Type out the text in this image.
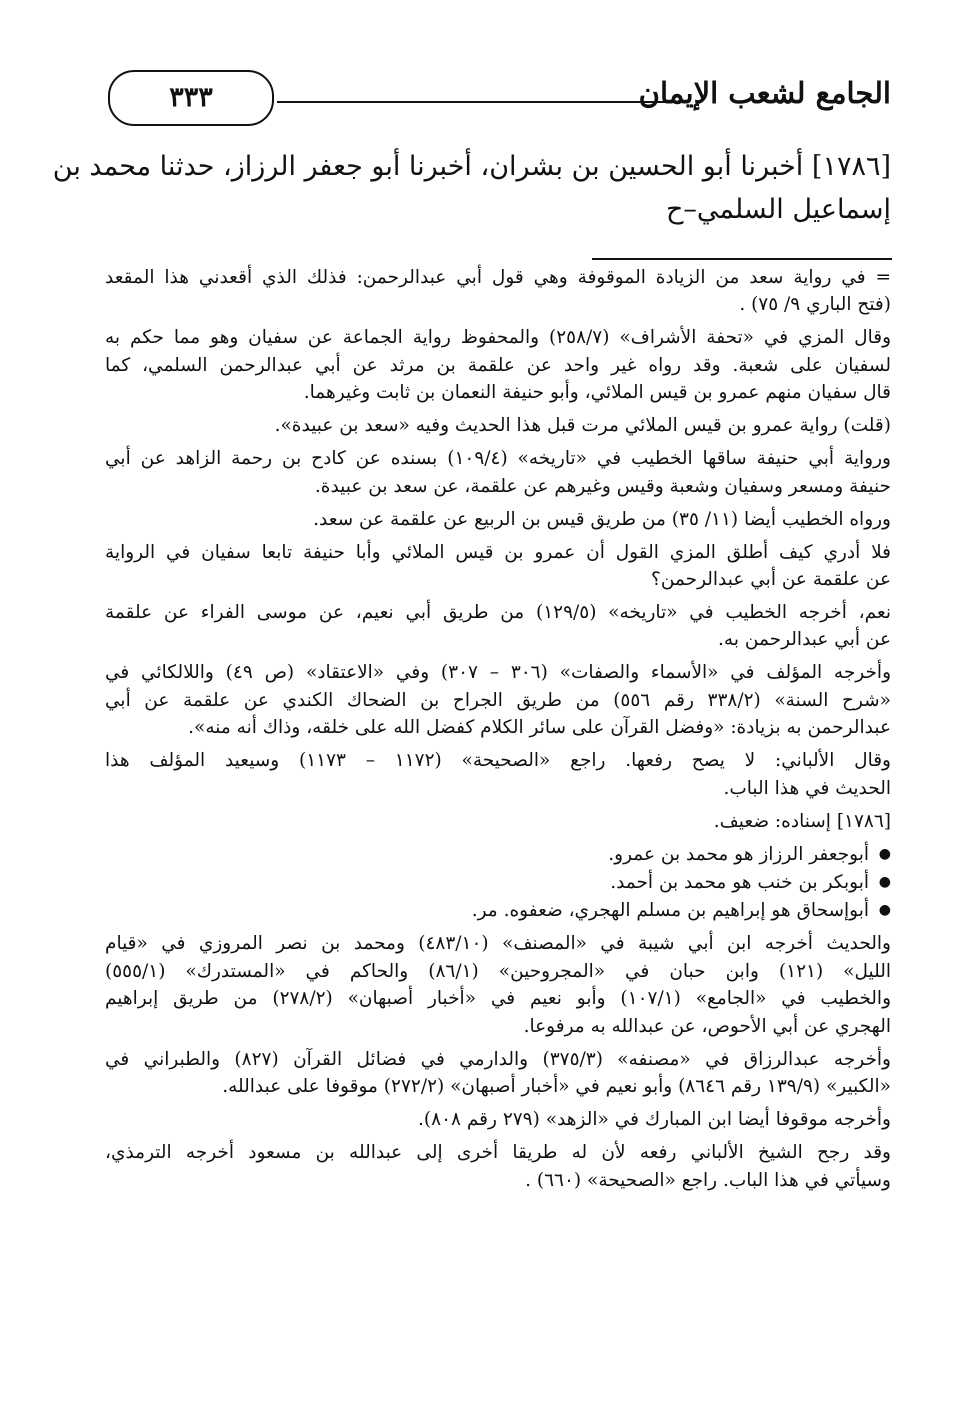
الجامع لشعب الإيمان
٣٣٣
[١٧٨٦] أخبرنا أبو الحسين بن بشران، أخبرنا أبو جعفر الرزاز، حدثنا محمد بن
إسماعيل السلمي–ح
= في رواية سعد من الزيادة الموقوفة وهي قول أبي عبدالرحمن: فذلك الذي أقعدني هذا المقعد
(فتح الباري ٩/ ٧٥) .
وقال المزي في «تحفة الأشراف» (٢٥٨/٧) والمحفوظ رواية الجماعة عن سفيان وهو مما حكم به
لسفيان على شعبة. وقد رواه غير واحد عن علقمة بن مرثد عن أبي عبدالرحمن السلمي، كما
قال سفيان منهم عمرو بن قيس الملائي، وأبو حنيفة النعمان بن ثابت وغيرهما.
(قلت) رواية عمرو بن قيس الملائي مرت قبل هذا الحديث وفيه «سعد بن عبيدة».
ورواية أبي حنيفة ساقها الخطيب في «تاريخه» (١٠٩/٤) بسنده عن كادح بن رحمة الزاهد عن أبي
حنيفة ومسعر وسفيان وشعبة وقيس وغيرهم عن علقمة، عن سعد بن عبيدة.
ورواه الخطيب أيضا (١١/ ٣٥) من طريق قيس بن الربيع عن علقمة عن سعد.
فلا أدري كيف أطلق المزي القول أن عمرو بن قيس الملائي وأبا حنيفة تابعا سفيان في الرواية
عن علقمة عن أبي عبدالرحمن؟
نعم، أخرجه الخطيب في «تاريخه» (١٢٩/٥) من طريق أبي نعيم، عن موسى الفراء عن علقمة
عن أبي عبدالرحمن به.
وأخرجه المؤلف في «الأسماء والصفات» (٣٠٦ – ٣٠٧) وفي «الاعتقاد» (ص ٤٩) واللالكائي في
«شرح السنة» (٣٣٨/٢ رقم ٥٥٦) من طريق الجراح بن الضحاك الكندي عن علقمة عن أبي
عبدالرحمن به بزيادة: «وفضل القرآن على سائر الكلام كفضل الله على خلقه، وذاك أنه منه».
وقال الألباني: لا يصح رفعها. راجع «الصحيحة» (١١٧٢ – ١١٧٣) وسيعيد المؤلف هذا
الحديث في هذا الباب.
[١٧٨٦] إسناده: ضعيف.
● أبوجعفر الرزاز هو محمد بن عمرو.
● أبوبكر بن خنب هو محمد بن أحمد.
● أبوإسحاق هو إبراهيم بن مسلم الهجري، ضعفوه. مر.
والحديث أخرجه ابن أبي شيبة في «المصنف» (٤٨٣/١٠) ومحمد بن نصر المروزي في «قيام
الليل» (١٢١) وابن حبان في «المجروحين» (٨٦/١) والحاكم في «المستدرك» (٥٥٥/١)
والخطيب في «الجامع» (١٠٧/١) وأبو نعيم في «أخبار أصبهان» (٢٧٨/٢) من طريق إبراهيم
الهجري عن أبي الأحوص، عن عبدالله به مرفوعا.
وأخرجه عبدالرزاق في «مصنفه» (٣٧٥/٣) والدارمي في فضائل القرآن (٨٢٧) والطبراني في
«الكبير» (١٣٩/٩ رقم ٨٦٤٦) وأبو نعيم في «أخبار أصبهان» (٢٧٢/٢) موقوفا على عبدالله.
وأخرجه موقوفا أيضا ابن المبارك في «الزهد» (٢٧٩ رقم ٨٠٨).
وقد رجح الشيخ الألباني رفعه لأن له طريقا أخرى إلى عبدالله بن مسعود أخرجه الترمذي،
وسيأتي في هذا الباب. راجع «الصحيحة» (٦٦٠) .
